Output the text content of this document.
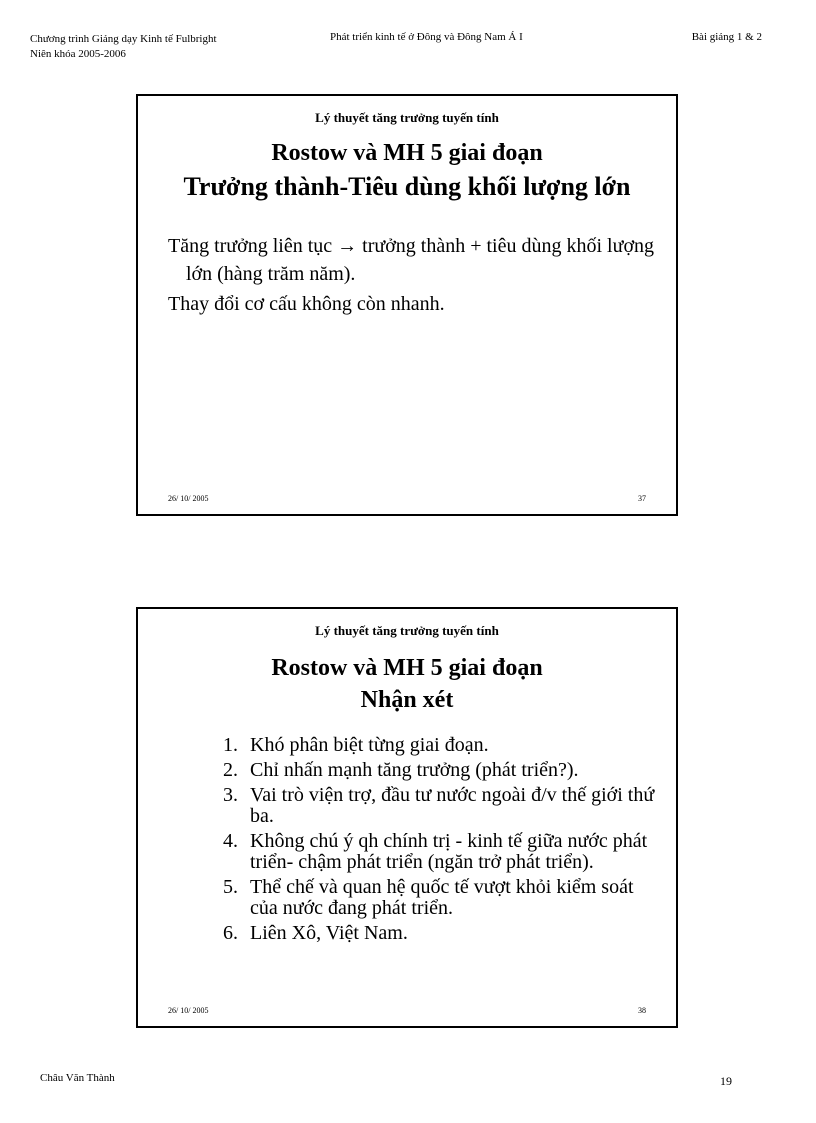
Chương trình Giảng dạy Kinh tế Fulbright
Niên khóa 2005-2006
Phát triển kinh tế ở Đông và Đông Nam Á I	Bài giảng 1 & 2
Lý thuyết tăng trưởng tuyến tính
Rostow và MH 5 giai đoạn
Trưởng thành-Tiêu dùng khối lượng lớn

Tăng trưởng liên tục → trưởng thành + tiêu dùng khối lượng lớn (hàng trăm năm).

Thay đổi cơ cấu không còn nhanh.

26/ 10/ 2005	37
Lý thuyết tăng trưởng tuyến tính
Rostow và MH 5 giai đoạn
Nhận xét
1. Khó phân biệt từng giai đoạn.
2. Chỉ nhấn mạnh tăng trưởng (phát triển?).
3. Vai trò viện trợ, đầu tư nước ngoài đ/v thế giới thứ ba.
4. Không chú ý qh chính trị - kinh tế giữa nước phát triển- chậm phát triển (ngăn trở phát triển).
5. Thể chế và quan hệ quốc tế vượt khỏi kiểm soát của nước đang phát triển.
6. Liên Xô, Việt Nam.
26/ 10/ 2005	38
Châu Văn Thành	19
